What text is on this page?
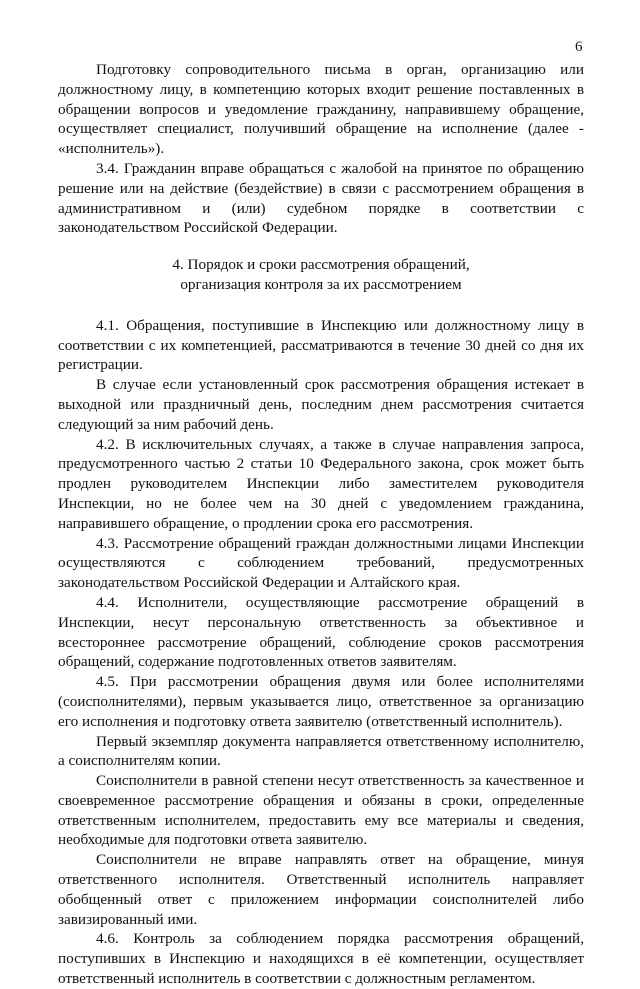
6

Подготовку сопроводительного письма в орган, организацию или должностному лицу, в компетенцию которых входит решение поставленных в обращении вопросов и уведомление гражданину, направившему обращение, осуществляет специалист, получивший обращение на исполнение (далее - «исполнитель»).

3.4. Гражданин вправе обращаться с жалобой на принятое по обращению решение или на действие (бездействие) в связи с рассмотрением обращения в административном и (или) судебном порядке в соответствии с законодательством Российской Федерации.

4. Порядок и сроки рассмотрения обращений,
организация контроля за их рассмотрением

4.1. Обращения, поступившие в Инспекцию или должностному лицу в соответствии с их компетенцией, рассматриваются в течение 30 дней со дня их регистрации.

В случае если установленный срок рассмотрения обращения истекает в выходной или праздничный день, последним днем рассмотрения считается следующий за ним рабочий день.

4.2. В исключительных случаях, а также в случае направления запроса, предусмотренного частью 2 статьи 10 Федерального закона, срок может быть продлен руководителем Инспекции либо заместителем руководителя Инспекции, но не более чем на 30 дней с уведомлением гражданина, направившего обращение, о продлении срока его рассмотрения.

4.3. Рассмотрение обращений граждан должностными лицами Инспекции осуществляются с соблюдением требований, предусмотренных законодательством Российской Федерации и Алтайского края.

4.4. Исполнители, осуществляющие рассмотрение обращений в Инспекции, несут персональную ответственность за объективное и всестороннее рассмотрение обращений, соблюдение сроков рассмотрения обращений, содержание подготовленных ответов заявителям.

4.5. При рассмотрении обращения двумя или более исполнителями (соисполнителями), первым указывается лицо, ответственное за организацию его исполнения и подготовку ответа заявителю (ответственный исполнитель).

Первый экземпляр документа направляется ответственному исполнителю, а соисполнителям копии.

Соисполнители в равной степени несут ответственность за качественное и своевременное рассмотрение обращения и обязаны в сроки, определенные ответственным исполнителем, предоставить ему все материалы и сведения, необходимые для подготовки ответа заявителю.

Соисполнители не вправе направлять ответ на обращение, минуя ответственного исполнителя. Ответственный исполнитель направляет обобщенный ответ с приложением информации соисполнителей либо завизированный ими.

4.6. Контроль за соблюдением порядка рассмотрения обращений, поступивших в Инспекцию и находящихся в её компетенции, осуществляет ответственный исполнитель в соответствии с должностным регламентом.
